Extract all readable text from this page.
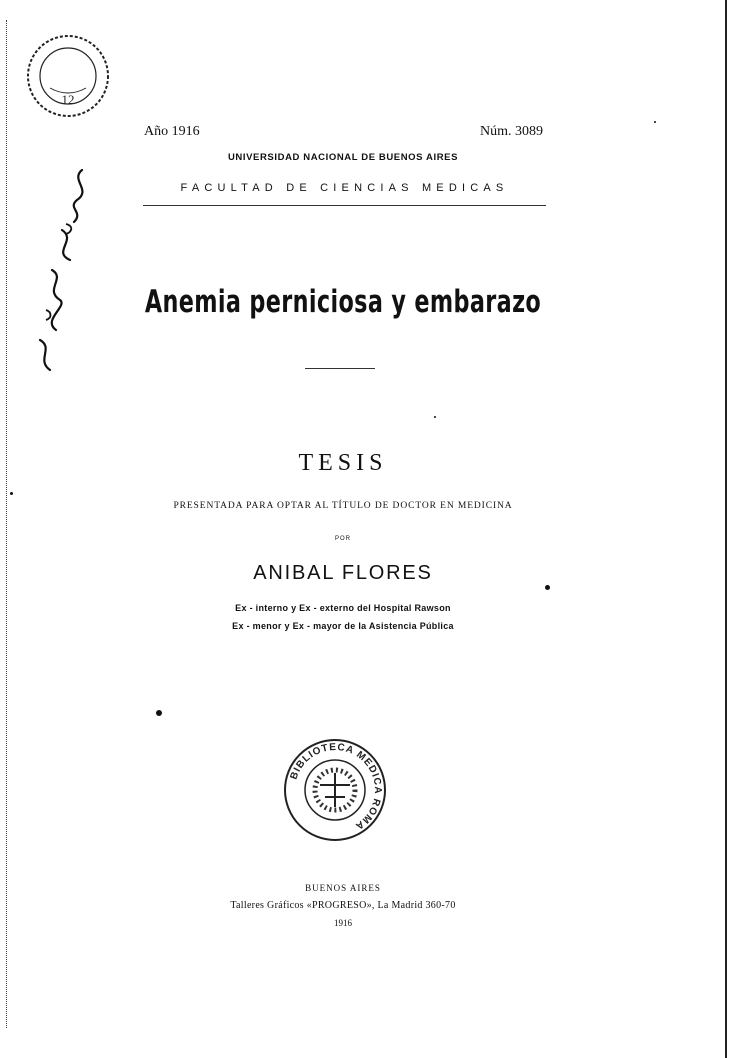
12
Año 1916	Núm. 3089
UNIVERSIDAD NACIONAL DE BUENOS AIRES
FACULTAD DE CIENCIAS MEDICAS
Anemia perniciosa y embarazo
TESIS
PRESENTADA PARA OPTAR AL TÍTULO DE DOCTOR EN MEDICINA
POR
ANIBAL FLORES
Ex - interno y Ex - externo del Hospital Rawson
Ex - menor y Ex - mayor de la Asistencia Pública
BIBLIOTECA MEDICA ROMA
BUENOS AIRES
Talleres Gráficos «PROGRESO», La Madrid 360-70
1916
